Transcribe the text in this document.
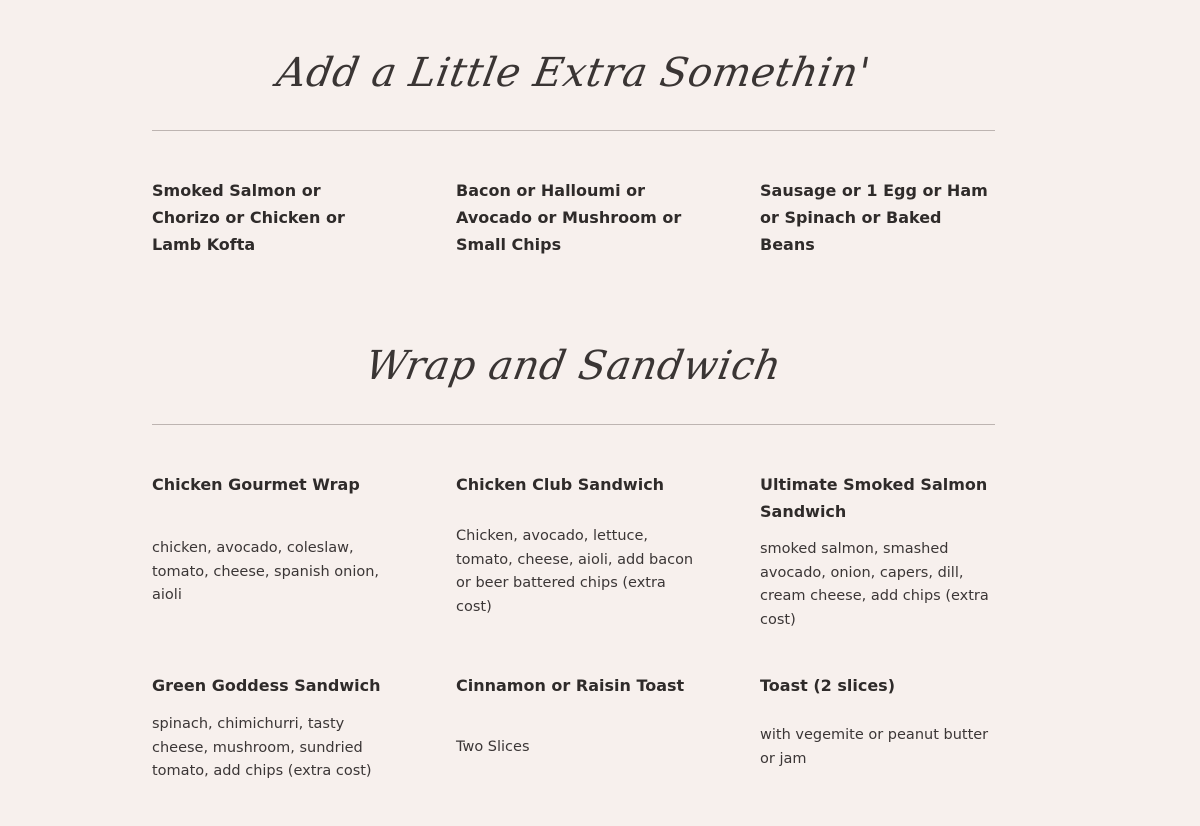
Add a Little Extra Somethin'
Smoked Salmon or Chorizo or Chicken or Lamb Kofta
Bacon or Halloumi or Avocado or Mushroom or Small Chips
Sausage or 1 Egg or Ham or Spinach or Baked Beans
Wrap and Sandwich
Chicken Gourmet Wrap
chicken, avocado, coleslaw, tomato, cheese, spanish onion, aioli
Chicken Club Sandwich
Chicken, avocado, lettuce, tomato, cheese, aioli, add bacon or beer battered chips (extra cost)
Ultimate Smoked Salmon Sandwich
smoked salmon, smashed avocado, onion, capers, dill, cream cheese, add chips (extra cost)
Green Goddess Sandwich
spinach, chimichurri, tasty cheese, mushroom, sundried tomato, add chips (extra cost)
Cinnamon or Raisin Toast
Two Slices
Toast (2 slices)
with vegemite or peanut butter or jam
